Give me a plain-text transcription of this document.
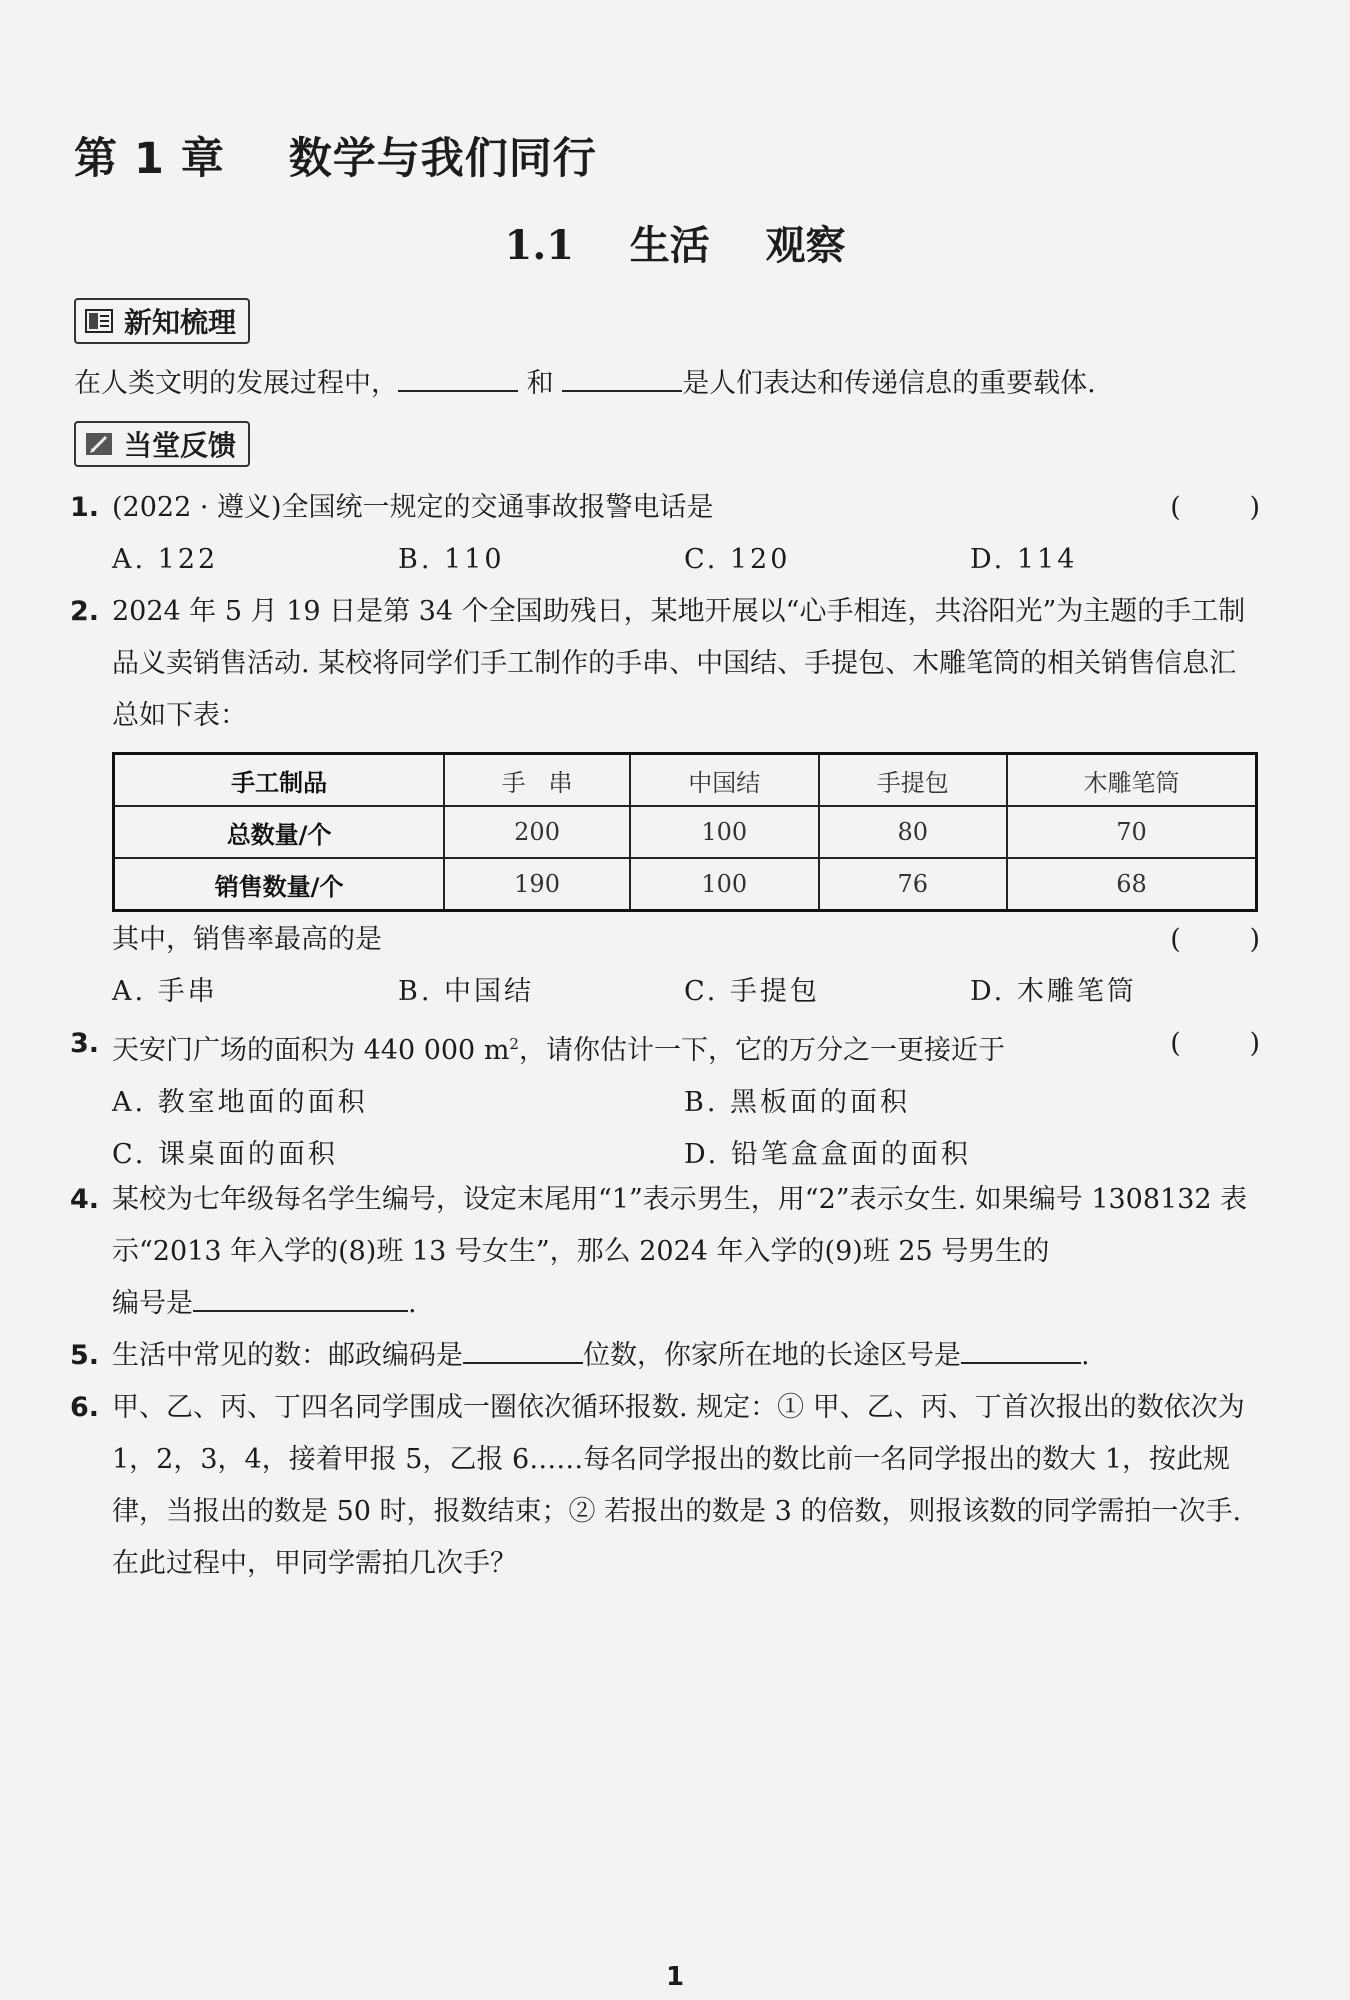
第 1 章    数学与我们同行
1.1    生活    观察
新知梳理
在人类文明的发展过程中，	和	是人们表达和传递信息的重要载体.
当堂反馈
1. (2022 · 遵义)全国统一规定的交通事故报警电话是	(        )
A. 122	B. 110	C. 120	D. 114
2. 2024 年 5 月 19 日是第 34 个全国助残日，某地开展以“心手相连，共浴阳光”为主题的手工制品义卖销售活动. 某校将同学们手工制作的手串、中国结、手提包、木雕笔筒的相关销售信息汇总如下表：
手工制品	手   串	中国结	手提包	木雕笔筒
总数量/个	200	100	80	70
销售数量/个	190	100	76	68
其中，销售率最高的是	(        )
A. 手串	B. 中国结	C. 手提包	D. 木雕笔筒
3. 天安门广场的面积为 440 000 $m^2$，请你估计一下，它的万分之一更接近于	(        )
A. 教室地面的面积	B. 黑板面的面积
C. 课桌面的面积	D. 铅笔盒盒面的面积
4. 某校为七年级每名学生编号，设定末尾用“1”表示男生，用“2”表示女生. 如果编号 1308132 表示“2013 年入学的(8)班 13 号女生”，那么 2024 年入学的(9)班 25 号男生的
编号是	.
5. 生活中常见的数：邮政编码是	位数，你家所在地的长途区号是	.
6. 甲、乙、丙、丁四名同学围成一圈依次循环报数. 规定：① 甲、乙、丙、丁首次报出的数依次为 1，2，3，4，接着甲报 5，乙报 6……每名同学报出的数比前一名同学报出的数大 1，按此规律，当报出的数是 50 时，报数结束；② 若报出的数是 3 的倍数，则报该数的同学需拍一次手. 在此过程中，甲同学需拍几次手？
1
